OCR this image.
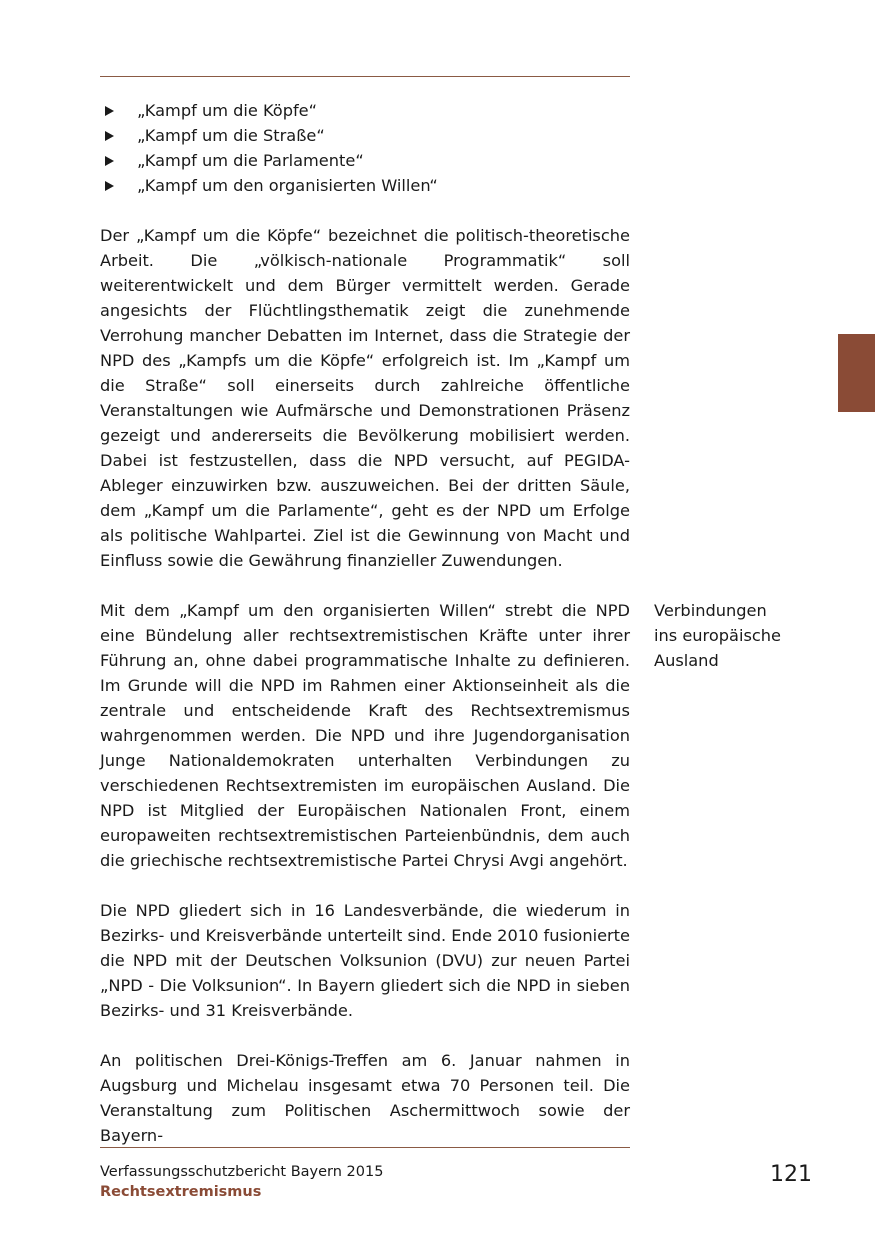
„Kampf um die Köpfe“
„Kampf um die Straße“
„Kampf um die Parlamente“
„Kampf um den organisierten Willen“

Der „Kampf um die Köpfe“ bezeichnet die politisch-theoretische Arbeit. Die „völkisch-nationale Programmatik“ soll weiterentwickelt und dem Bürger vermittelt werden. Gerade angesichts der Flüchtlingsthematik zeigt die zunehmende Verrohung mancher Debatten im Internet, dass die Strategie der NPD des „Kampfs um die Köpfe“ erfolgreich ist. Im „Kampf um die Straße“ soll einerseits durch zahlreiche öffentliche Veranstaltungen wie Aufmärsche und Demonstrationen Präsenz gezeigt und andererseits die Bevölkerung mobilisiert werden. Dabei ist festzustellen, dass die NPD versucht, auf PEGIDA-Ableger einzuwirken bzw. auszuweichen. Bei der dritten Säule, dem „Kampf um die Parlamente“, geht es der NPD um Erfolge als politische Wahlpartei. Ziel ist die Gewinnung von Macht und Einfluss sowie die Gewährung finanzieller Zuwendungen.

Mit dem „Kampf um den organisierten Willen“ strebt die NPD eine Bündelung aller rechtsextremistischen Kräfte unter ihrer Führung an, ohne dabei programmatische Inhalte zu definieren. Im Grunde will die NPD im Rahmen einer Aktionseinheit als die zentrale und entscheidende Kraft des Rechtsextremismus wahrgenommen werden. Die NPD und ihre Jugendorganisation Junge Nationaldemokraten unterhalten Verbindungen zu verschiedenen Rechtsextremisten im europäischen Ausland. Die NPD ist Mitglied der Europäischen Nationalen Front, einem europaweiten rechtsextremistischen Parteienbündnis, dem auch die griechische rechtsextremistische Partei Chrysi Avgi angehört.

Die NPD gliedert sich in 16 Landesverbände, die wiederum in Bezirks- und Kreisverbände unterteilt sind. Ende 2010 fusionierte die NPD mit der Deutschen Volksunion (DVU) zur neuen Partei „NPD - Die Volksunion“. In Bayern gliedert sich die NPD in sieben Bezirks- und 31 Kreisverbände.

An politischen Drei-Königs-Treffen am 6. Januar nahmen in Augsburg und Michelau insgesamt etwa 70 Personen teil. Die Veranstaltung zum Politischen Aschermittwoch sowie der Bayern-

Verbindungen
ins europäische
Ausland
Verfassungsschutzbericht Bayern 2015
Rechtsextremismus
121
